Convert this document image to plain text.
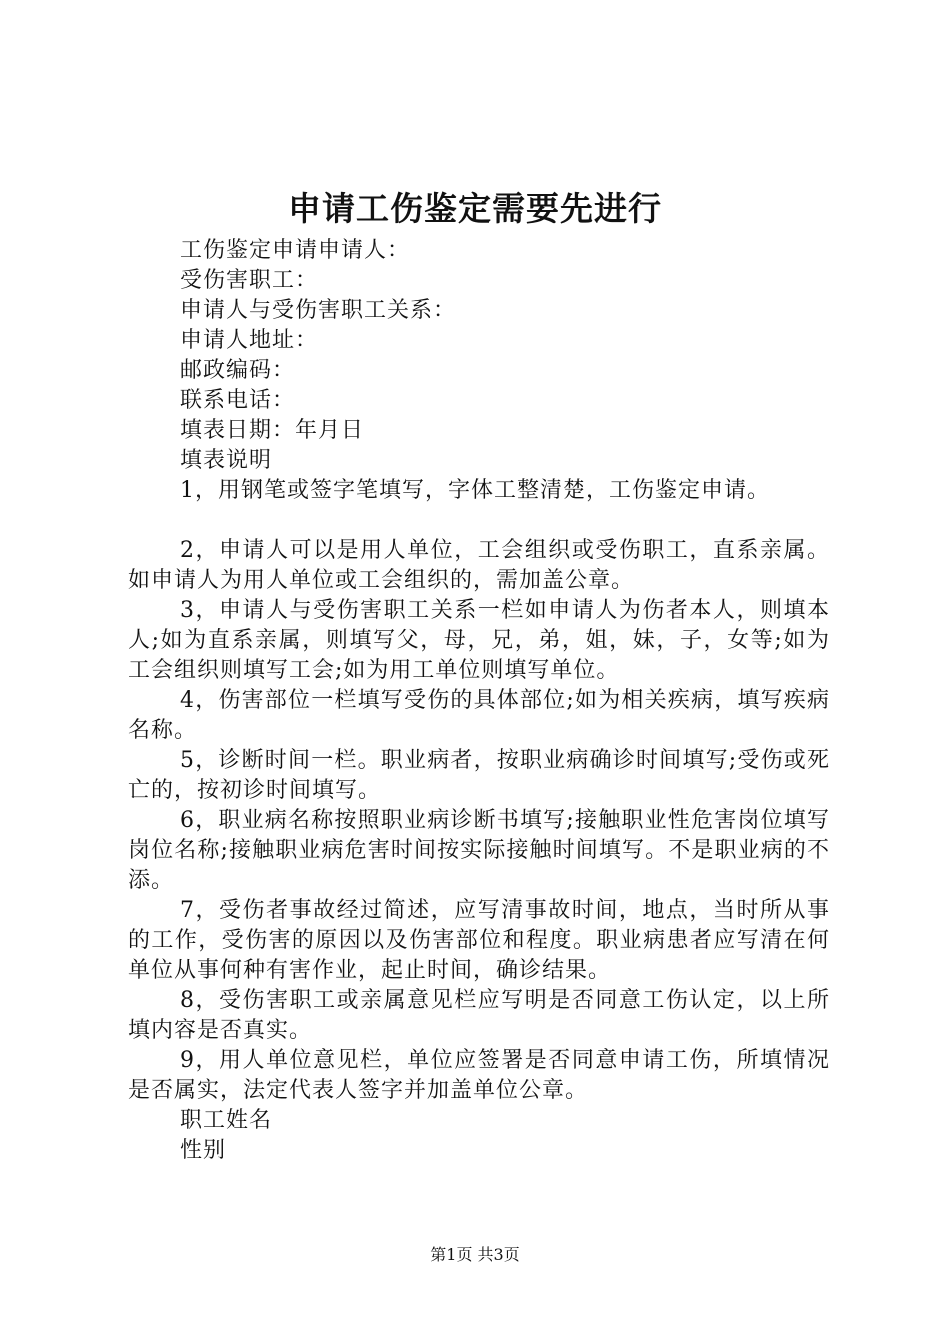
申请工伤鉴定需要先进行

工伤鉴定申请申请人：

受伤害职工：

申请人与受伤害职工关系：

申请人地址：

邮政编码：

联系电话：

填表日期：年月日

填表说明

1，用钢笔或签字笔填写，字体工整清楚，工伤鉴定申请。

2，申请人可以是用人单位，工会组织或受伤职工，直系亲属。如申请人为用人单位或工会组织的，需加盖公章。

3，申请人与受伤害职工关系一栏如申请人为伤者本人，则填本人;如为直系亲属，则填写父，母，兄，弟，姐，妹，子，女等;如为工会组织则填写工会;如为用工单位则填写单位。

4，伤害部位一栏填写受伤的具体部位;如为相关疾病，填写疾病名称。

5，诊断时间一栏。职业病者，按职业病确诊时间填写;受伤或死亡的，按初诊时间填写。

6，职业病名称按照职业病诊断书填写;接触职业性危害岗位填写岗位名称;接触职业病危害时间按实际接触时间填写。不是职业病的不添。

7，受伤者事故经过简述，应写清事故时间，地点，当时所从事的工作，受伤害的原因以及伤害部位和程度。职业病患者应写清在何单位从事何种有害作业，起止时间，确诊结果。

8，受伤害职工或亲属意见栏应写明是否同意工伤认定，以上所填内容是否真实。

9，用人单位意见栏，单位应签署是否同意申请工伤，所填情况是否属实，法定代表人签字并加盖单位公章。

职工姓名

性别

第1页 共3页
